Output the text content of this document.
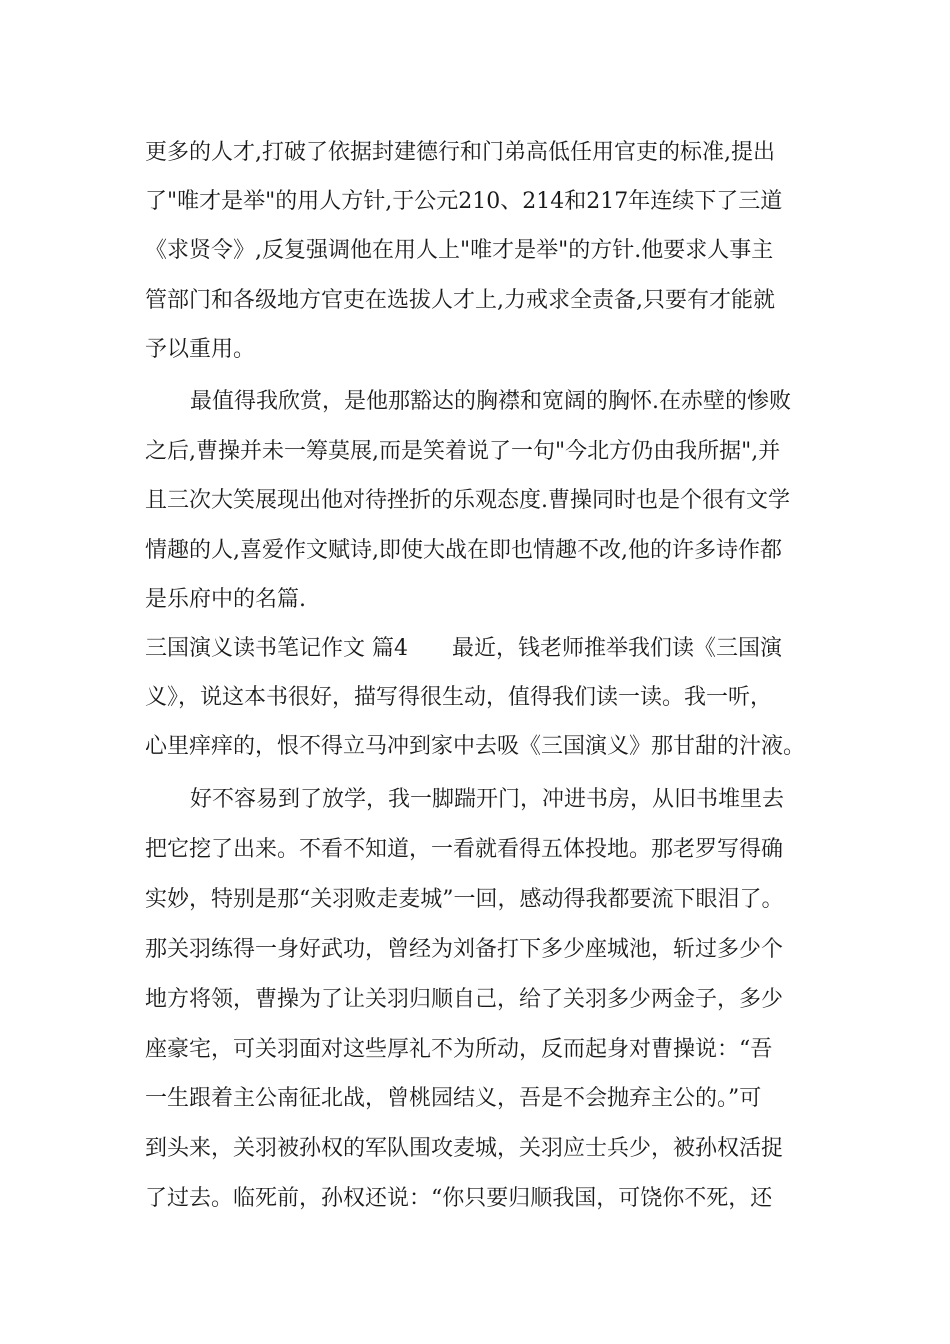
更多的人才,打破了依据封建德行和门弟高低任用官吏的标准,提出

了"唯才是举"的用人方针,于公元210、214和217年连续下了三道

《求贤令》,反复强调他在用人上"唯才是举"的方针.他要求人事主

管部门和各级地方官吏在选拔人才上,力戒求全责备,只要有才能就

予以重用。

最值得我欣赏，是他那豁达的胸襟和宽阔的胸怀.在赤壁的惨败

之后,曹操并未一筹莫展,而是笑着说了一句"今北方仍由我所据",并

且三次大笑展现出他对待挫折的乐观态度.曹操同时也是个很有文学

情趣的人,喜爱作文赋诗,即使大战在即也情趣不改,他的许多诗作都

是乐府中的名篇.

三国演义读书笔记作文 篇4 最近，钱老师推举我们读《三国演

义》，说这本书很好，描写得很生动，值得我们读一读。我一听，

心里痒痒的，恨不得立马冲到家中去吸《三国演义》那甘甜的汁液。

好不容易到了放学，我一脚踹开门，冲进书房，从旧书堆里去

把它挖了出来。不看不知道，一看就看得五体投地。那老罗写得确

实妙，特别是那“关羽败走麦城”一回，感动得我都要流下眼泪了。

那关羽练得一身好武功，曾经为刘备打下多少座城池，斩过多少个

地方将领，曹操为了让关羽归顺自己，给了关羽多少两金子，多少

座豪宅，可关羽面对这些厚礼不为所动，反而起身对曹操说：“吾

一生跟着主公南征北战，曾桃园结义，吾是不会抛弃主公的。”可

到头来，关羽被孙权的军队围攻麦城，关羽应士兵少，被孙权活捉

了过去。临死前，孙权还说：“你只要归顺我国，可饶你不死，还
